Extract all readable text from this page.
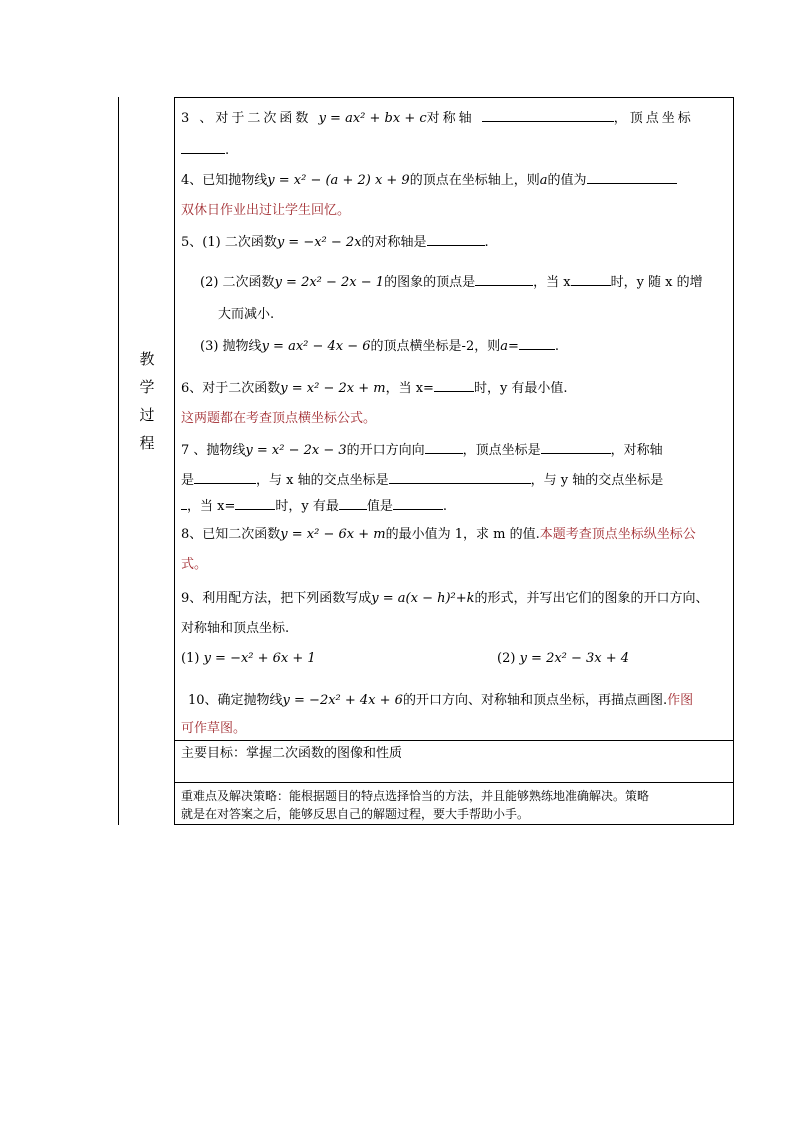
教
学
过
程
3 、对于二次函数 y = ax² + bx + c对称轴	，顶点坐标
.
4、已知抛物线y = x² − (a + 2) x + 9的顶点在坐标轴上，则a的值为
双休日作业出过让学生回忆。
5、(1) 二次函数y = −x² − 2x的对称轴是	.
(2) 二次函数y = 2x² − 2x − 1的图象的顶点是	，当 x	时，y 随 x 的增
大而减小.
(3) 抛物线y = ax² − 4x − 6的顶点横坐标是-2，则a=	.
6、对于二次函数y = x² − 2x + m，当 x=	时，y 有最小值.
这两题都在考查顶点横坐标公式。
7 、抛物线y = x² − 2x − 3的开口方向向	，顶点坐标是	，对称轴
是	，与 x 轴的交点坐标是	，与 y 轴的交点坐标是
，当 x=	时，y 有最 值是	.
8、已知二次函数y = x² − 6x + m的最小值为 1，求 m 的值.本题考查顶点坐标纵坐标公
式。
9、利用配方法，把下列函数写成y = a(x − h)²+k的形式，并写出它们的图象的开口方向、
对称轴和顶点坐标.
(1) y = −x² + 6x + 1	(2) y = 2x² − 3x + 4
10、确定抛物线y = −2x² + 4x + 6的开口方向、对称轴和顶点坐标，再描点画图.作图
可作草图。
主要目标：掌握二次函数的图像和性质
重难点及解决策略：能根据题目的特点选择恰当的方法，并且能够熟练地准确解决。策略
就是在对答案之后，能够反思自己的解题过程，要大手帮助小手。
